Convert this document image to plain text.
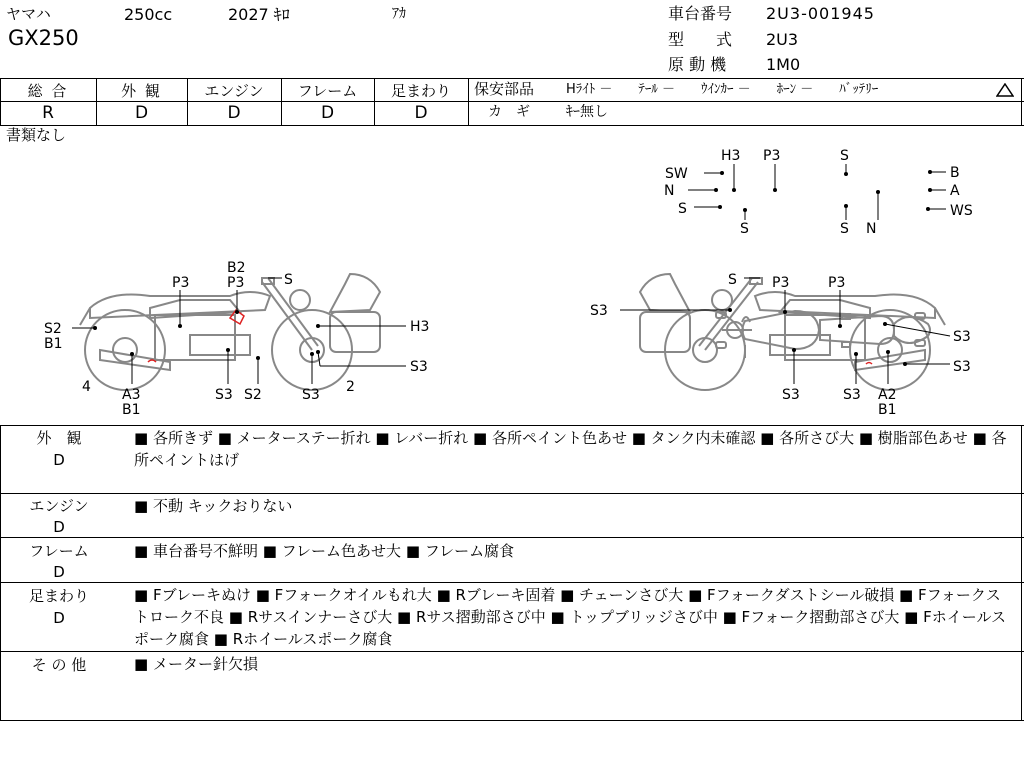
ヤマハ	250cc	2027 ｷﾛ	ｱｶ
GX250
車台番号 2U3-001945
型　　式 2U3
原 動 機 1M0
総 合
R
外 観
D
エンジン
D
フレーム
D
足まわり
D
保安部品 Hﾗｲﾄ －　　ﾃｰﾙ －　　ｳｲﾝｶｰ －　　ﾎｰﾝ －　　ﾊﾞｯﾃﾘｰ
カ　ギ	ｷｰ無し
書類なし
SW
N
S
H3 P3	S
S	S N
B
A
WS
P3
B2
S
P3
S2
B1
H3
S3
4 A3
B1
S3 S2	S3 2
S	P3	P3
S3
S3
S3
S3	S3 A2
B1
外　観
D
■ 各所きず ■ メーターステー折れ ■ レバー折れ ■ 各所ペイント色あせ ■ タンク内未確認 ■ 各所さび大 ■ 樹脂部色あせ ■ 各所ペイントはげ
エンジン
D
■ 不動 キックおりない
フレーム
D
■ 車台番号不鮮明 ■ フレーム色あせ大 ■ フレーム腐食
足まわり
D
■ Fブレーキぬけ ■ Fフォークオイルもれ大 ■ Rブレーキ固着 ■ チェーンさび大 ■ Fフォークダストシール破損 ■ Fフォークストローク不良 ■ Rサスインナーさび大 ■ Rサス摺動部さび中 ■ トップブリッジさび中 ■ Fフォーク摺動部さび大 ■ Fホイールスポーク腐食 ■ Rホイールスポーク腐食
そ の 他	■ メーター針欠損
